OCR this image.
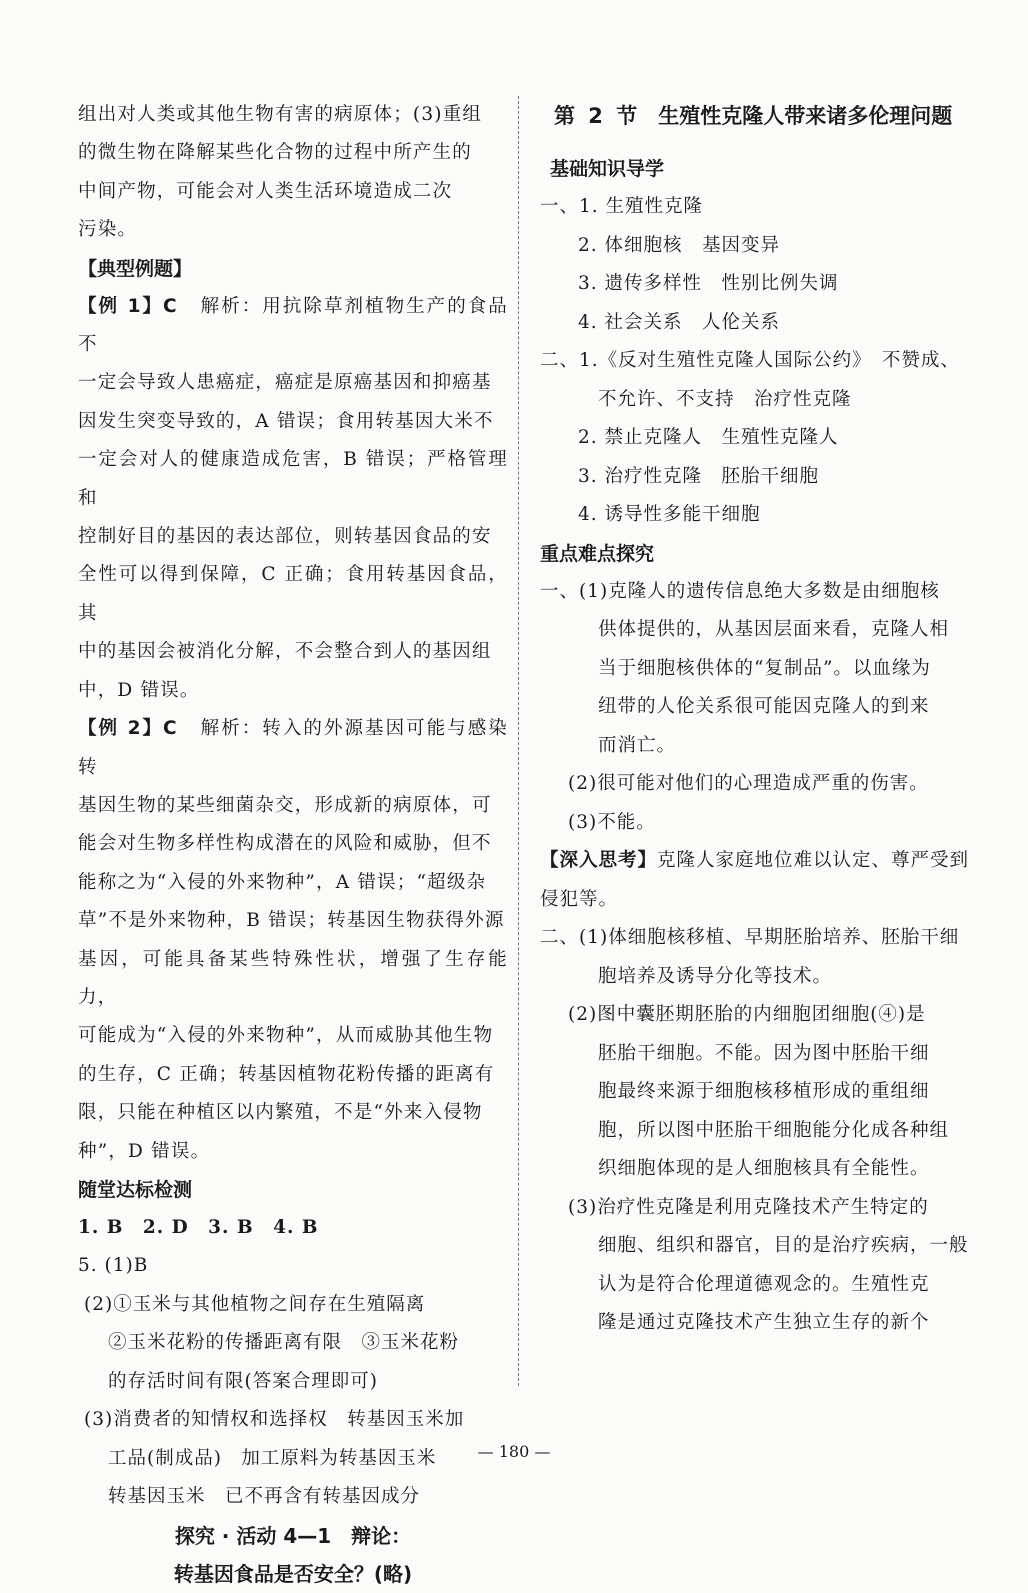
组出对人类或其他生物有害的病原体；(3)重组
的微生物在降解某些化合物的过程中所产生的
中间产物，可能会对人类生活环境造成二次
污染。
【典型例题】
【例 1】C 解析：用抗除草剂植物生产的食品不
一定会导致人患癌症，癌症是原癌基因和抑癌基
因发生突变导致的，A 错误；食用转基因大米不
一定会对人的健康造成危害，B 错误；严格管理和
控制好目的基因的表达部位，则转基因食品的安
全性可以得到保障，C 正确；食用转基因食品，其
中的基因会被消化分解，不会整合到人的基因组
中，D 错误。
【例 2】C 解析：转入的外源基因可能与感染转
基因生物的某些细菌杂交，形成新的病原体，可
能会对生物多样性构成潜在的风险和威胁，但不
能称之为“入侵的外来物种”，A 错误；“超级杂
草”不是外来物种，B 错误；转基因生物获得外源
基因，可能具备某些特殊性状，增强了生存能力，
可能成为“入侵的外来物种”，从而威胁其他生物
的生存，C 正确；转基因植物花粉传播的距离有
限，只能在种植区以内繁殖，不是“外来入侵物
种”，D 错误。
随堂达标检测
1. B　2. D　3. B　4. B
5. (1)B
(2)①玉米与其他植物之间存在生殖隔离
②玉米花粉的传播距离有限　③玉米花粉
的存活时间有限(答案合理即可)
(3)消费者的知情权和选择权　转基因玉米加
工品(制成品)　加工原料为转基因玉米
转基因玉米　已不再含有转基因成分
探究 · 活动 4—1　辩论：
转基因食品是否安全？(略)
第 2 节　生殖性克隆人带来诸多伦理问题
基础知识导学
一、1. 生殖性克隆
2. 体细胞核　基因变异
3. 遗传多样性　性别比例失调
4. 社会关系　人伦关系
二、1.《反对生殖性克隆人国际公约》　不赞成、
不允许、不支持　治疗性克隆
2. 禁止克隆人　生殖性克隆人
3. 治疗性克隆　胚胎干细胞
4. 诱导性多能干细胞
重点难点探究
一、(1)克隆人的遗传信息绝大多数是由细胞核
供体提供的，从基因层面来看，克隆人相
当于细胞核供体的“复制品”。以血缘为
纽带的人伦关系很可能因克隆人的到来
而消亡。
(2)很可能对他们的心理造成严重的伤害。
(3)不能。
【深入思考】克隆人家庭地位难以认定、尊严受到
侵犯等。
二、(1)体细胞核移植、早期胚胎培养、胚胎干细
胞培养及诱导分化等技术。
(2)图中囊胚期胚胎的内细胞团细胞(④)是
胚胎干细胞。不能。因为图中胚胎干细
胞最终来源于细胞核移植形成的重组细
胞，所以图中胚胎干细胞能分化成各种组
织细胞体现的是人细胞核具有全能性。
(3)治疗性克隆是利用克隆技术产生特定的
细胞、组织和器官，目的是治疗疾病，一般
认为是符合伦理道德观念的。生殖性克
隆是通过克隆技术产生独立生存的新个
— 180 —
